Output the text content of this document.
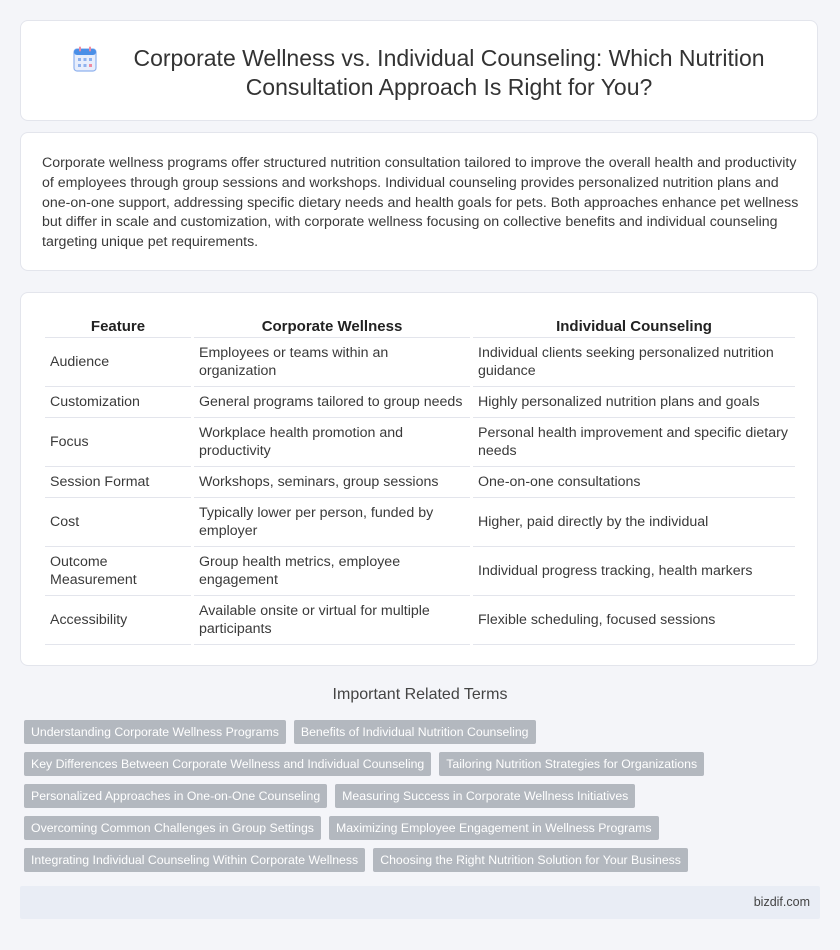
Corporate Wellness vs. Individual Counseling: Which Nutrition Consultation Approach Is Right for You?

Corporate wellness programs offer structured nutrition consultation tailored to improve the overall health and productivity of employees through group sessions and workshops. Individual counseling provides personalized nutrition plans and one-on-one support, addressing specific dietary needs and health goals for pets. Both approaches enhance pet wellness but differ in scale and customization, with corporate wellness focusing on collective benefits and individual counseling targeting unique pet requirements.

Feature	Corporate Wellness	Individual Counseling
Audience	Employees or teams within an organization	Individual clients seeking personalized nutrition guidance
Customization	General programs tailored to group needs	Highly personalized nutrition plans and goals
Focus	Workplace health promotion and productivity	Personal health improvement and specific dietary needs
Session Format	Workshops, seminars, group sessions	One-on-one consultations
Cost	Typically lower per person, funded by employer	Higher, paid directly by the individual
Outcome Measurement	Group health metrics, employee engagement	Individual progress tracking, health markers
Accessibility	Available onsite or virtual for multiple participants	Flexible scheduling, focused sessions
Important Related Terms
Understanding Corporate Wellness Programs	Benefits of Individual Nutrition Counseling
Key Differences Between Corporate Wellness and Individual Counseling	Tailoring Nutrition Strategies for Organizations
Personalized Approaches in One-on-One Counseling	Measuring Success in Corporate Wellness Initiatives
Overcoming Common Challenges in Group Settings	Maximizing Employee Engagement in Wellness Programs
Integrating Individual Counseling Within Corporate Wellness	Choosing the Right Nutrition Solution for Your Business
bizdif.com
